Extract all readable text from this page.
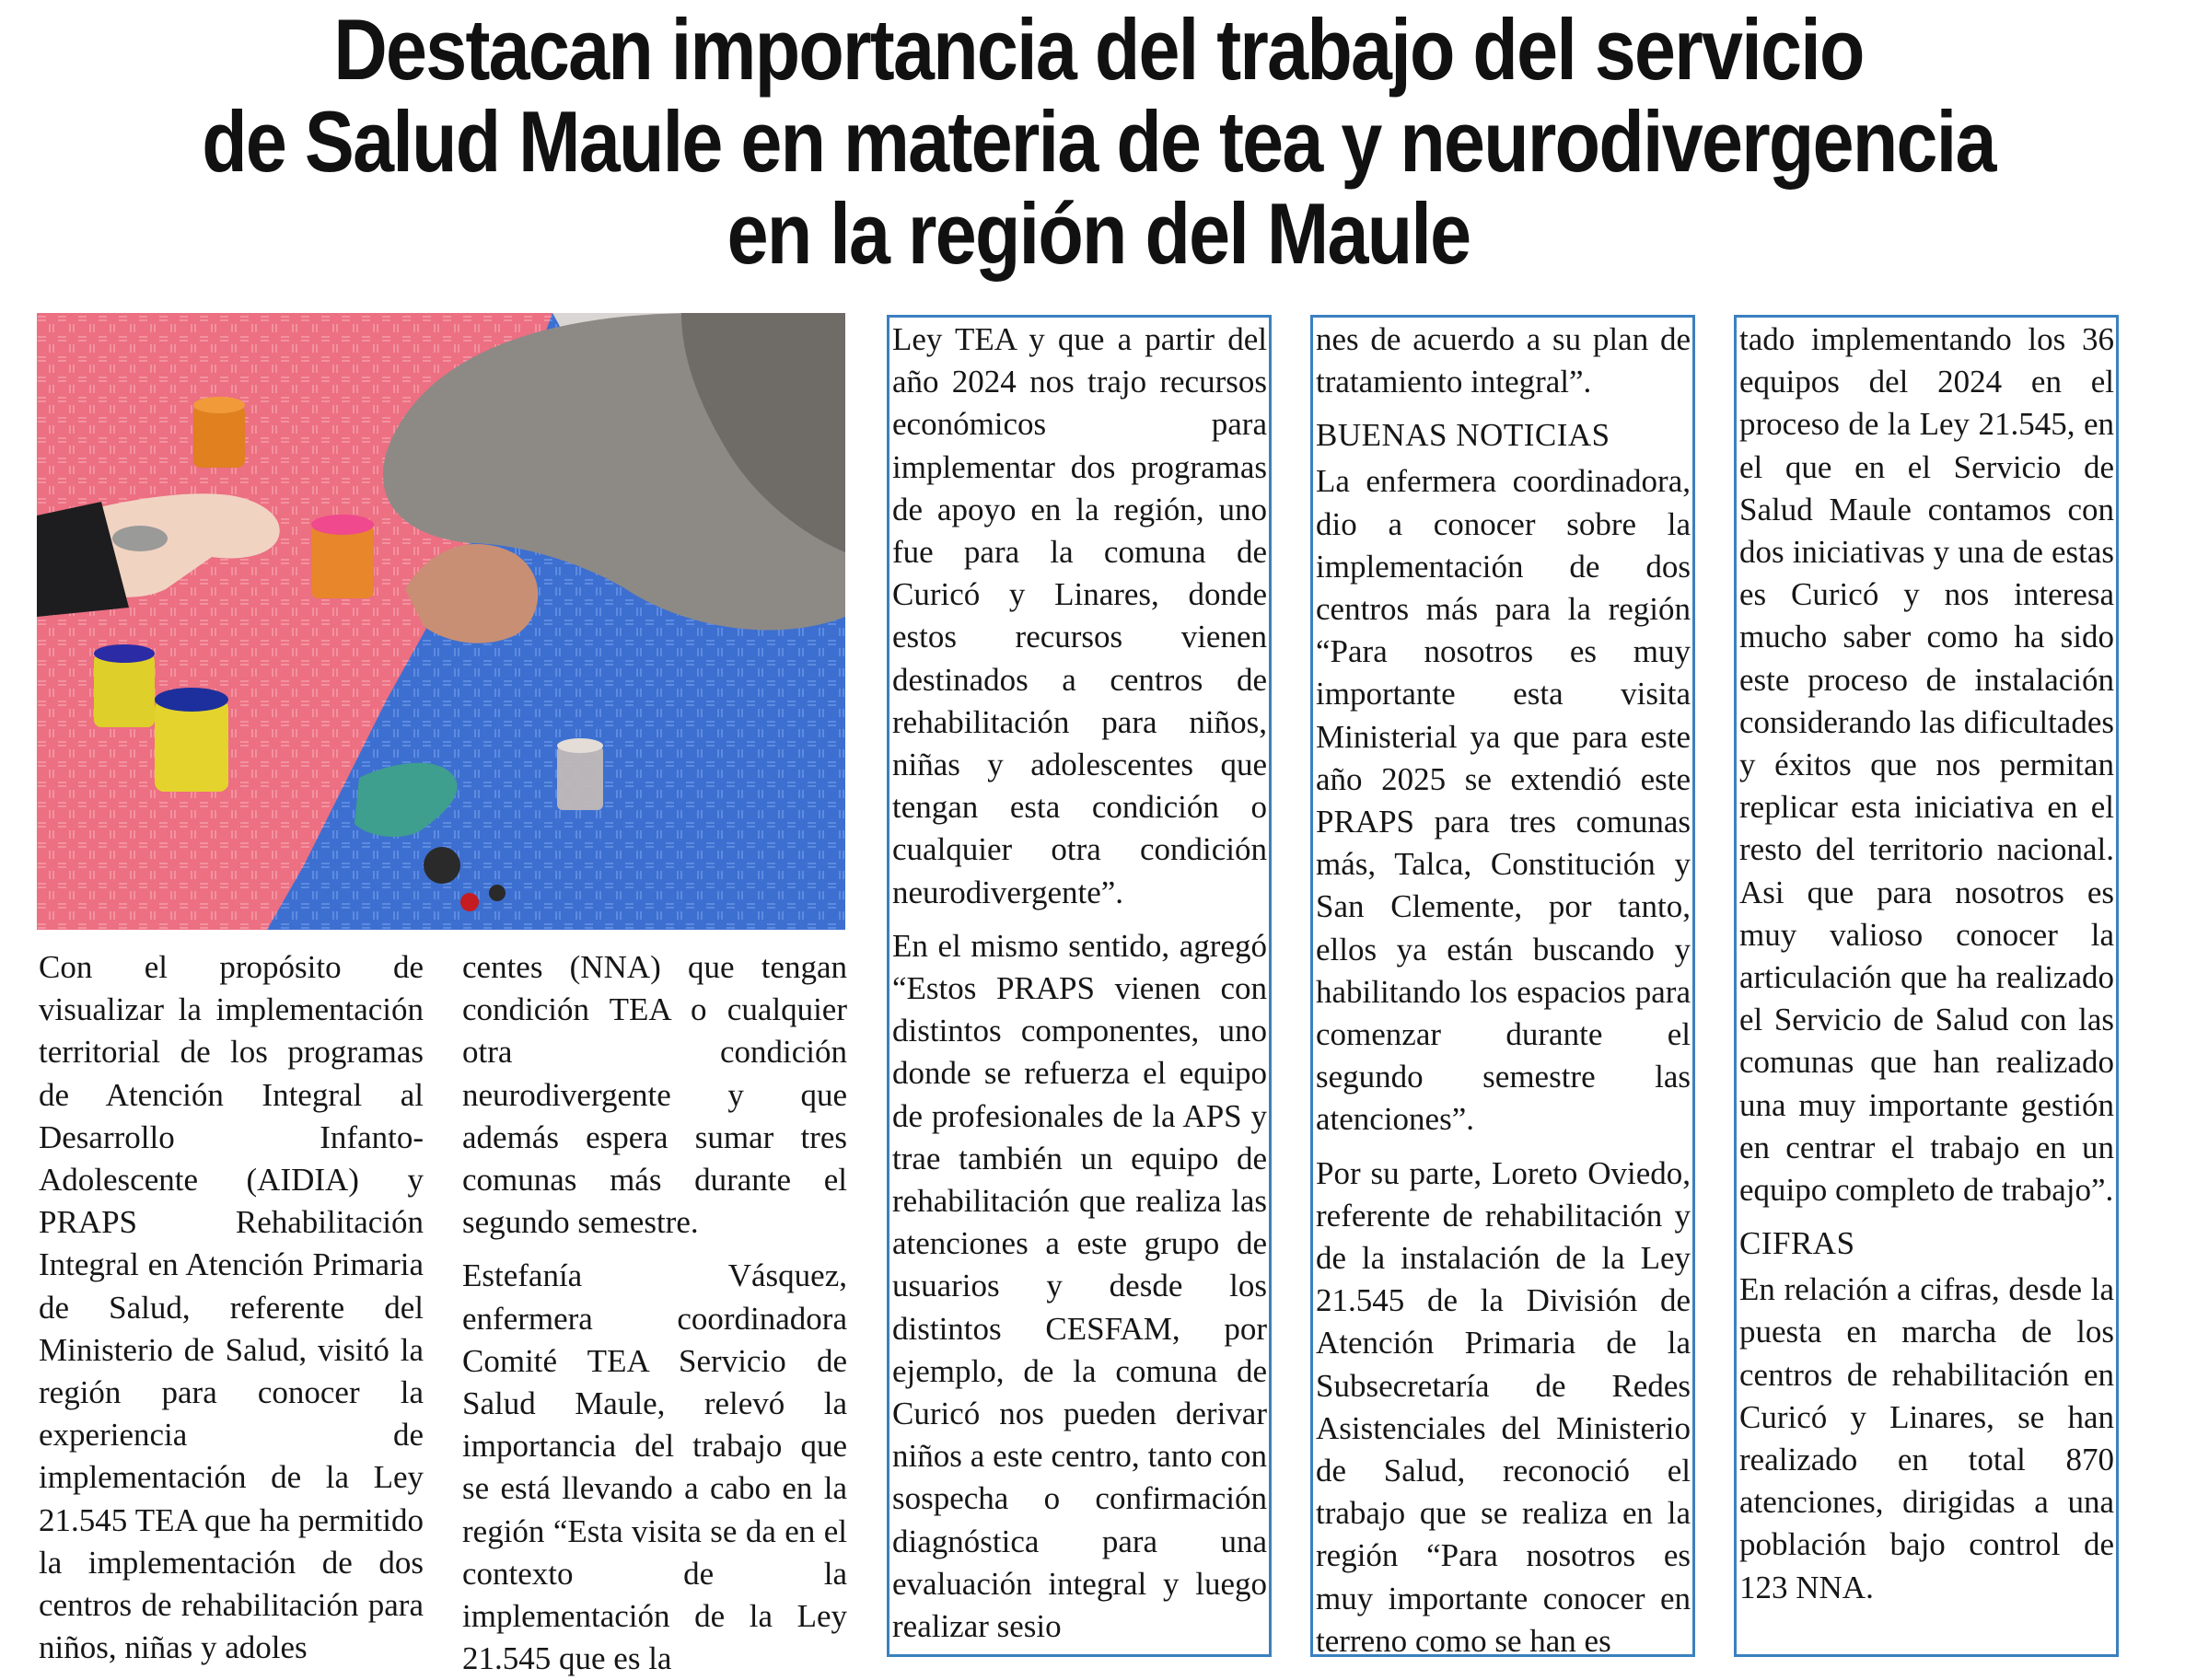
Destacan importancia del trabajo del servicio
de Salud Maule en materia de tea y neurodivergencia
en la región del Maule

Con el propósito de visualizar la implementación territorial de los programas de Atención Integral al Desarrollo Infanto-Adolescente (AIDIA) y PRAPS Rehabilitación Integral en Atención Primaria de Salud, referente del Ministerio de Salud, visitó la región para conocer la experiencia de implementación de la Ley 21.545 TEA que ha permitido la implementación de dos centros de rehabilitación para niños, niñas y adoles

centes (NNA) que tengan condición TEA o cualquier otra condición neurodivergente y que además espera sumar tres comunas más durante el segundo semestre.

Estefanía Vásquez, enfermera coordinadora Comité TEA Servicio de Salud Maule, relevó la importancia del trabajo que se está llevando a cabo en la región “Esta visita se da en el contexto de la implementación de la Ley 21.545 que es la

Ley TEA y que a partir del año 2024 nos trajo recursos económicos para implementar dos programas de apoyo en la región, uno fue para la comuna de Curicó y Linares, donde estos recursos vienen destinados a centros de rehabilitación para niños, niñas y adolescentes que tengan esta condición o cualquier otra condición neurodivergente”.

En el mismo sentido, agregó “Estos PRAPS vienen con distintos componentes, uno donde se refuerza el equipo de profesionales de la APS y trae también un equipo de rehabilitación que realiza las atenciones a este grupo de usuarios y desde los distintos CESFAM, por ejemplo, de la comuna de Curicó nos pueden derivar niños a este centro, tanto con sospecha o confirmación diagnóstica para una evaluación integral y luego realizar sesio

nes de acuerdo a su plan de tratamiento integral”.

BUENAS NOTICIAS

La enfermera coordinadora, dio a conocer sobre la implementación de dos centros más para la región “Para nosotros es muy importante esta visita Ministerial ya que para este año 2025 se extendió este PRAPS para tres comunas más, Talca, Constitución y San Clemente, por tanto, ellos ya están buscando y habilitando los espacios para comenzar durante el segundo semestre las atenciones”.

Por su parte, Loreto Oviedo, referente de rehabilitación y de la instalación de la Ley 21.545 de la División de Atención Primaria de la Subsecretaría de Redes Asistenciales del Ministerio de Salud, reconoció el trabajo que se realiza en la región “Para nosotros es muy importante conocer en terreno como se han es

tado implementando los 36 equipos del 2024 en el proceso de la Ley 21.545, en el que en el Servicio de Salud Maule contamos con dos iniciativas y una de estas es Curicó y nos interesa mucho saber como ha sido este proceso de instalación considerando las dificultades y éxitos que nos permitan replicar esta iniciativa en el resto del territorio nacional. Asi que para nosotros es muy valioso conocer la articulación que ha realizado el Servicio de Salud con las comunas que han realizado una muy importante gestión en centrar el trabajo en un equipo completo de trabajo”.

CIFRAS

En relación a cifras, desde la puesta en marcha de los centros de rehabilitación en Curicó y Linares, se han realizado en total 870 atenciones, dirigidas a una población bajo control de 123 NNA.
